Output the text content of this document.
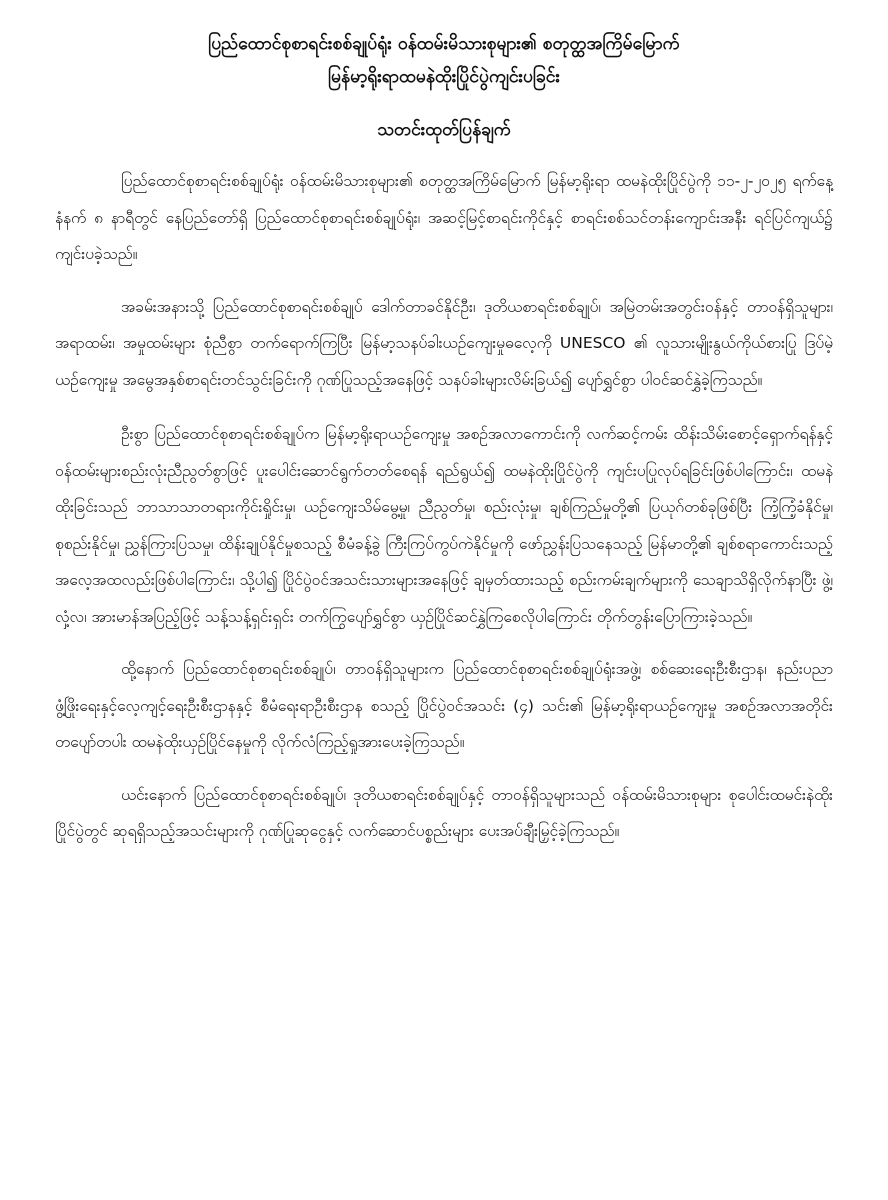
ပြည်ထောင်စုစာရင်းစစ်ချုပ်ရုံး ဝန်ထမ်းမိသားစုများ၏ စတုတ္ထအကြိမ်မြောက်
မြန်မာ့ရိုးရာထမနဲထိုးပြိုင်ပွဲကျင်းပခြင်း
သတင်းထုတ်ပြန်ချက်

ပြည်ထောင်စုစာရင်းစစ်ချုပ်ရုံး ဝန်ထမ်းမိသားစုများ၏ စတုတ္ထအကြိမ်မြောက် မြန်မာ့ရိုးရာ ထမနဲထိုးပြိုင်ပွဲကို ၁၁-၂-၂၀၂၅ ရက်နေ့ နံနက် ၈ နာရီတွင် နေပြည်တော်ရှိ ပြည်ထောင်စုစာရင်းစစ်ချုပ်ရုံး၊ အဆင့်မြင့်စာရင်းကိုင်နှင့် စာရင်းစစ်သင်တန်းကျောင်းအနီး ရင်ပြင်ကျယ်၌ ကျင်းပခဲ့သည်။

အခမ်းအနားသို့ ပြည်ထောင်စုစာရင်းစစ်ချုပ် ဒေါက်တာခင်နိုင်ဦး၊ ဒုတိယစာရင်းစစ်ချုပ်၊ အမြဲတမ်းအတွင်းဝန်နှင့် တာဝန်ရှိသူများ၊ အရာထမ်း၊ အမှုထမ်းများ စုံညီစွာ တက်ရောက်ကြပြီး မြန်မာ့သနပ်ခါးယဉ်ကျေးမှုဓလေ့ကို UNESCO ၏ လူသားမျိုးနွယ်ကိုယ်စားပြု ဒြပ်မဲ့ယဉ်ကျေးမှု အမွေအနှစ်စာရင်းတင်သွင်းခြင်းကို ဂုဏ်ပြုသည့်အနေဖြင့် သနပ်ခါးများလိမ်းခြယ်၍ ပျော်ရွှင်စွာ ပါဝင်ဆင်နွှဲခဲ့ကြသည်။

ဦးစွာ ပြည်ထောင်စုစာရင်းစစ်ချုပ်က မြန်မာ့ရိုးရာယဉ်ကျေးမှု အစဉ်အလာကောင်းကို လက်ဆင့်ကမ်း ထိန်းသိမ်းစောင့်ရှောက်ရန်နှင့် ဝန်ထမ်းများစည်းလုံးညီညွတ်စွာဖြင့် ပူးပေါင်းဆောင်ရွက်တတ်စေရန် ရည်ရွယ်၍ ထမနဲထိုးပြိုင်ပွဲကို ကျင်းပပြုလုပ်ရခြင်းဖြစ်ပါကြောင်း၊ ထမနဲထိုးခြင်းသည် ဘာသာသာတရားကိုင်းရှိုင်းမှု၊ ယဉ်ကျေးသိမ်မွေ့မှု၊ ညီညွတ်မှု၊ စည်းလုံးမှု၊ ချစ်ကြည်မှုတို့၏ ပြယုဂ်တစ်ခုဖြစ်ပြီး ကြံ့ကြံ့ခံနိုင်မှု၊ စုစည်းနိုင်မှု၊ ညွှန်ကြားပြသမှု၊ ထိန်းချုပ်နိုင်မှုစသည့် စီမံခန့်ခွဲ ကြီးကြပ်ကွပ်ကဲနိုင်မှုကို ဖော်ညွှန်းပြသနေသည့် မြန်မာတို့၏ ချစ်စရာကောင်းသည့် အလေ့အထလည်းဖြစ်ပါကြောင်း၊ သို့ပါ၍ ပြိုင်ပွဲဝင်အသင်းသားများအနေဖြင့် ချမှတ်ထားသည့် စည်းကမ်းချက်များကို သေချာသိရှိလိုက်နာပြီး ဖွဲ့၊ လှံ့လ၊ အားမာန်အပြည့်ဖြင့် သန့်သန့်ရှင်းရှင်း တက်ကြွပျော်ရွှင်စွာ ယှဉ်ပြိုင်ဆင်နွှဲကြစေလိုပါကြောင်း တိုက်တွန်းပြောကြားခဲ့သည်။

ထို့နောက် ပြည်ထောင်စုစာရင်းစစ်ချုပ်၊ တာဝန်ရှိသူများက ပြည်ထောင်စုစာရင်းစစ်ချုပ်ရုံးအဖွဲ့၊ စစ်ဆေးရေးဦးစီးဌာန၊ နည်းပညာဖွံ့ဖြိုးရေးနှင့်လေ့ကျင့်ရေးဦးစီးဌာနနှင့် စီမံရေးရာဦးစီးဌာန စသည့် ပြိုင်ပွဲဝင်အသင်း (၄) သင်း၏ မြန်မာ့ရိုးရာယဉ်ကျေးမှု အစဉ်အလာအတိုင်း တပျော်တပါး ထမနဲထိုးယှဉ်ပြိုင်နေမှုကို လိုက်လံကြည့်ရှုအားပေးခဲ့ကြသည်။

ယင်းနောက် ပြည်ထောင်စုစာရင်းစစ်ချုပ်၊ ဒုတိယစာရင်းစစ်ချုပ်နှင့် တာဝန်ရှိသူများသည် ဝန်ထမ်းမိသားစုများ စုပေါင်းထမင်းနဲထိုးပြိုင်ပွဲတွင် ဆုရရှိသည့်အသင်းများကို ဂုဏ်ပြုဆုငွေနှင့် လက်ဆောင်ပစ္စည်းများ ပေးအပ်ချီးမြှင့်ခဲ့ကြသည်။
